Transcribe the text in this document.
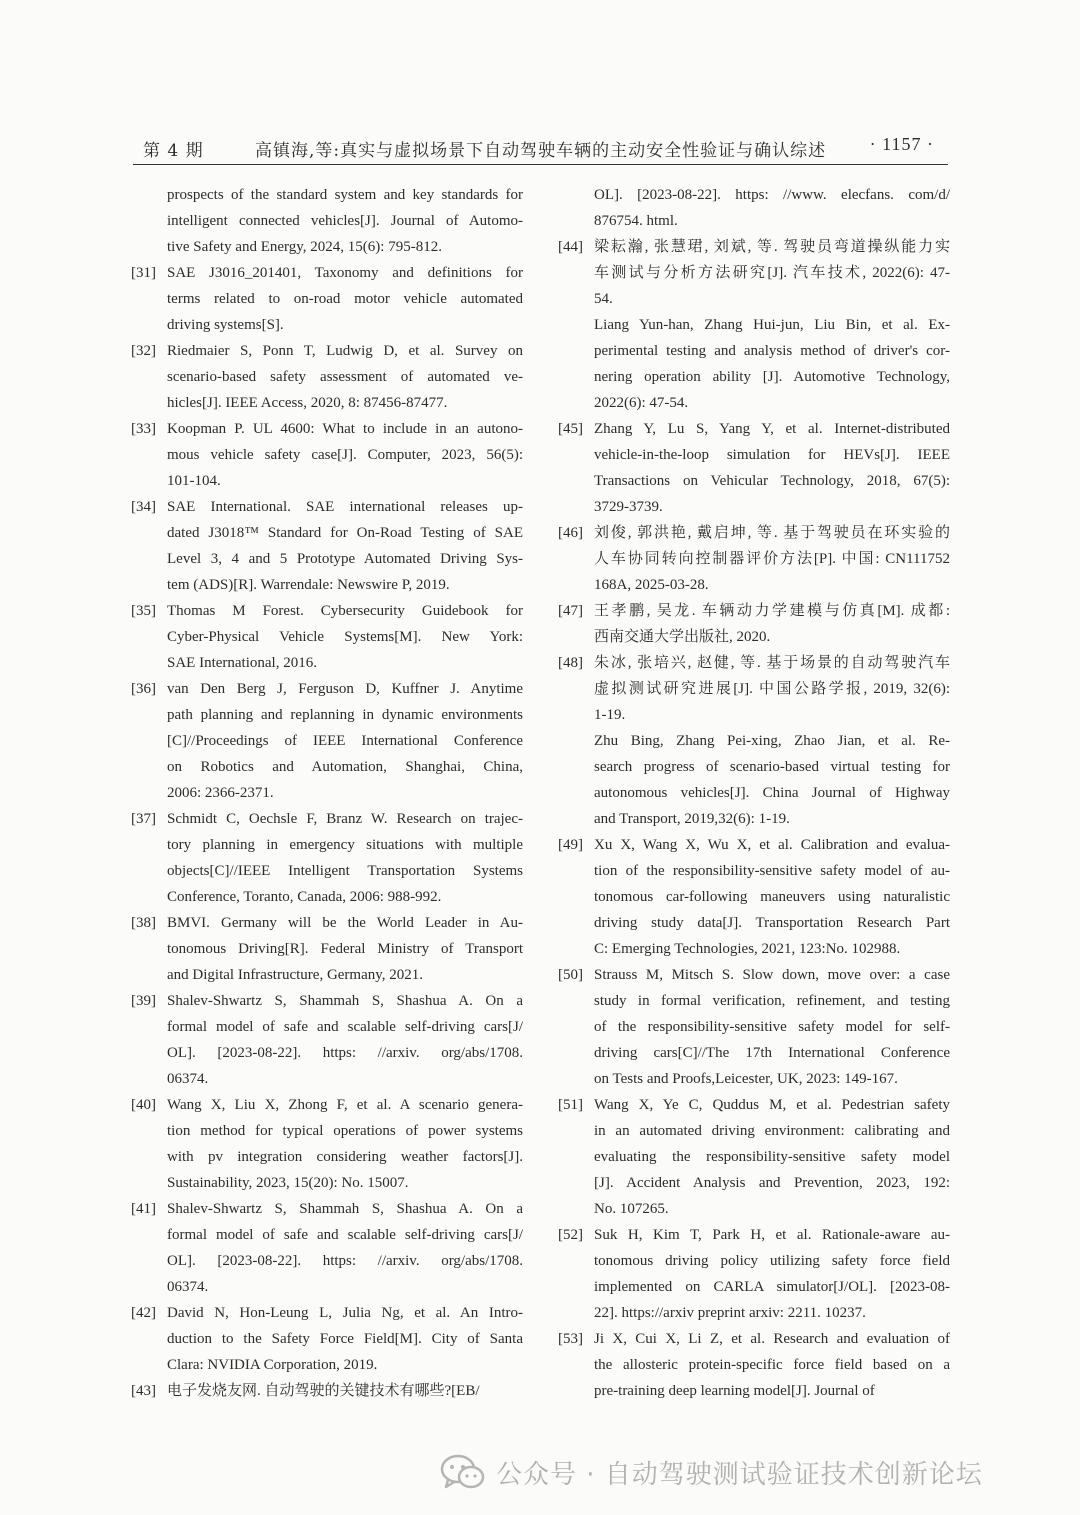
第 4 期	高镇海,等:真实与虚拟场景下自动驾驶车辆的主动安全性验证与确认综述 · 1157 ·
prospects of the standard system and key standards for
intelligent connected vehicles[J]. Journal of Automo-
tive Safety and Energy, 2024, 15(6): 795-812.
[31] SAE J3016_201401, Taxonomy and definitions for
terms related to on-road motor vehicle automated
driving systems[S].
[32] Riedmaier S, Ponn T, Ludwig D, et al. Survey on
scenario-based safety assessment of automated ve-
hicles[J]. IEEE Access, 2020, 8: 87456-87477.
[33] Koopman P. UL 4600: What to include in an autono-
mous vehicle safety case[J]. Computer, 2023, 56(5):
101-104.
[34] SAE International. SAE international releases up-
dated J3018™ Standard for On-Road Testing of SAE
Level 3, 4 and 5 Prototype Automated Driving Sys-
tem (ADS)[R]. Warrendale: Newswire P, 2019.
[35] Thomas M Forest. Cybersecurity Guidebook for
Cyber-Physical Vehicle Systems[M]. New York:
SAE International, 2016.
[36] van Den Berg J, Ferguson D, Kuffner J. Anytime
path planning and replanning in dynamic environments
[C]//Proceedings of IEEE International Conference
on Robotics and Automation, Shanghai, China,
2006: 2366-2371.
[37] Schmidt C, Oechsle F, Branz W. Research on trajec-
tory planning in emergency situations with multiple
objects[C]//IEEE Intelligent Transportation Systems
Conference, Toranto, Canada, 2006: 988-992.
[38] BMVI. Germany will be the World Leader in Au-
tonomous Driving[R]. Federal Ministry of Transport
and Digital Infrastructure, Germany, 2021.
[39] Shalev-Shwartz S, Shammah S, Shashua A. On a
formal model of safe and scalable self-driving cars[J/
OL]. [2023-08-22]. https: //arxiv. org/abs/1708.
06374.
[40] Wang X, Liu X, Zhong F, et al. A scenario genera-
tion method for typical operations of power systems
with pv integration considering weather factors[J].
Sustainability, 2023, 15(20): No. 15007.
[41] Shalev-Shwartz S, Shammah S, Shashua A. On a
formal model of safe and scalable self-driving cars[J/
OL]. [2023-08-22]. https: //arxiv. org/abs/1708.
06374.
[42] David N, Hon-Leung L, Julia Ng, et al. An Intro-
duction to the Safety Force Field[M]. City of Santa
Clara: NVIDIA Corporation, 2019.
[43] 电子发烧友网. 自动驾驶的关键技术有哪些?[EB/
OL]. [2023-08-22]. https: //www. elecfans. com/d/
876754. html.
[44] 梁耘瀚, 张慧珺, 刘斌, 等. 驾驶员弯道操纵能力实
车测试与分析方法研究[J]. 汽车技术, 2022(6): 47-
54.
Liang Yun-han, Zhang Hui-jun, Liu Bin, et al. Ex-
perimental testing and analysis method of driver's cor-
nering operation ability [J]. Automotive Technology,
2022(6): 47-54.
[45] Zhang Y, Lu S, Yang Y, et al. Internet-distributed
vehicle-in-the-loop simulation for HEVs[J]. IEEE
Transactions on Vehicular Technology, 2018, 67(5):
3729-3739.
[46] 刘俊, 郭洪艳, 戴启坤, 等. 基于驾驶员在环实验的
人车协同转向控制器评价方法[P]. 中国: CN111752
168A, 2025-03-28.
[47] 王孝鹏, 吴龙. 车辆动力学建模与仿真[M]. 成都:
西南交通大学出版社, 2020.
[48] 朱冰, 张培兴, 赵健, 等. 基于场景的自动驾驶汽车
虚拟测试研究进展[J]. 中国公路学报, 2019, 32(6):
1-19.
Zhu Bing, Zhang Pei-xing, Zhao Jian, et al. Re-
search progress of scenario-based virtual testing for
autonomous vehicles[J]. China Journal of Highway
and Transport, 2019,32(6): 1-19.
[49] Xu X, Wang X, Wu X, et al. Calibration and evalua-
tion of the responsibility-sensitive safety model of au-
tonomous car-following maneuvers using naturalistic
driving study data[J]. Transportation Research Part
C: Emerging Technologies, 2021, 123:No. 102988.
[50] Strauss M, Mitsch S. Slow down, move over: a case
study in formal verification, refinement, and testing
of the responsibility-sensitive safety model for self-
driving cars[C]//The 17th International Conference
on Tests and Proofs,Leicester, UK, 2023: 149-167.
[51] Wang X, Ye C, Quddus M, et al. Pedestrian safety
in an automated driving environment: calibrating and
evaluating the responsibility-sensitive safety model
[J]. Accident Analysis and Prevention, 2023, 192:
No. 107265.
[52] Suk H, Kim T, Park H, et al. Rationale-aware au-
tonomous driving policy utilizing safety force field
implemented on CARLA simulator[J/OL]. [2023-08-
22]. https://arxiv preprint arxiv: 2211. 10237.
[53] Ji X, Cui X, Li Z, et al. Research and evaluation of
the allosteric protein-specific force field based on a
pre-training deep learning model[J]. Journal of
公众号 · 自动驾驶测试验证技术创新论坛
